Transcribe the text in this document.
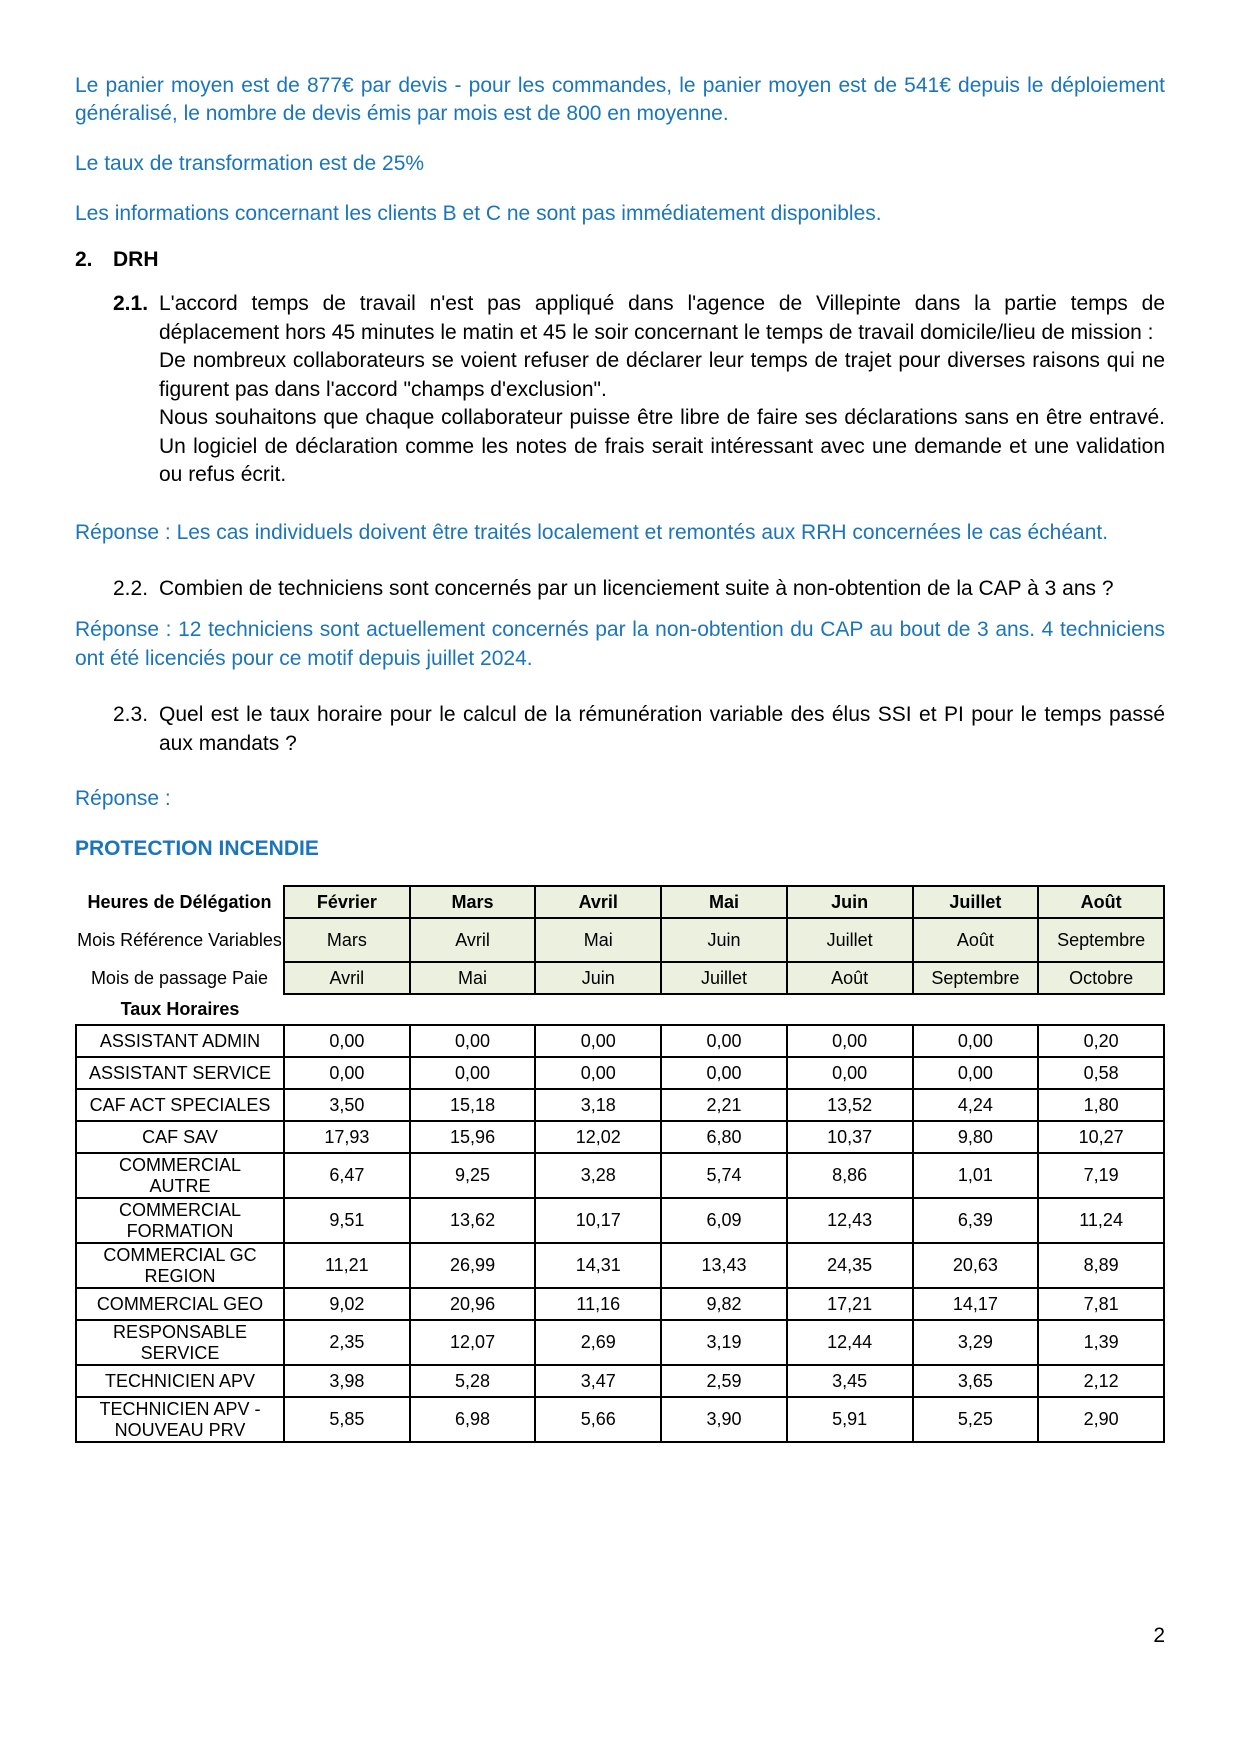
Le panier moyen est de 877€ par devis - pour les commandes, le panier moyen est de 541€ depuis le déploiement généralisé, le nombre de devis émis par mois est de 800 en moyenne.

Le taux de transformation est de 25%

Les informations concernant les clients B et C ne sont pas immédiatement disponibles.

2. DRH
2.1. L'accord temps de travail n'est pas appliqué dans l'agence de Villepinte dans la partie temps de déplacement hors 45 minutes le matin et 45 le soir concernant le temps de travail domicile/lieu de mission :
De nombreux collaborateurs se voient refuser de déclarer leur temps de trajet pour diverses raisons qui ne figurent pas dans l'accord "champs d'exclusion".
Nous souhaitons que chaque collaborateur puisse être libre de faire ses déclarations sans en être entravé. Un logiciel de déclaration comme les notes de frais serait intéressant avec une demande et une validation ou refus écrit.

Réponse : Les cas individuels doivent être traités localement et remontés aux RRH concernées le cas échéant.

2.2. Combien de techniciens sont concernés par un licenciement suite à non-obtention de la CAP à 3 ans ?

Réponse : 12 techniciens sont actuellement concernés par la non-obtention du CAP au bout de 3 ans. 4 techniciens ont été licenciés pour ce motif depuis juillet 2024.

2.3. Quel est le taux horaire pour le calcul de la rémunération variable des élus SSI et PI pour le temps passé aux mandats ?

Réponse :

PROTECTION INCENDIE
Heures de Délégation	Février	Mars	Avril	Mai	Juin	Juillet	Août
Mois Référence Variables	Mars	Avril	Mai	Juin	Juillet	Août	Septembre
Mois de passage Paie	Avril	Mai	Juin	Juillet	Août	Septembre	Octobre
Taux Horaires							
ASSISTANT ADMIN	0,00	0,00	0,00	0,00	0,00	0,00	0,20
ASSISTANT SERVICE	0,00	0,00	0,00	0,00	0,00	0,00	0,58
CAF ACT SPECIALES	3,50	15,18	3,18	2,21	13,52	4,24	1,80
CAF SAV	17,93	15,96	12,02	6,80	10,37	9,80	10,27
COMMERCIAL AUTRE	6,47	9,25	3,28	5,74	8,86	1,01	7,19
COMMERCIAL FORMATION	9,51	13,62	10,17	6,09	12,43	6,39	11,24
COMMERCIAL GC REGION	11,21	26,99	14,31	13,43	24,35	20,63	8,89
COMMERCIAL GEO	9,02	20,96	11,16	9,82	17,21	14,17	7,81
RESPONSABLE SERVICE	2,35	12,07	2,69	3,19	12,44	3,29	1,39
TECHNICIEN APV	3,98	5,28	3,47	2,59	3,45	3,65	2,12
TECHNICIEN APV - NOUVEAU PRV	5,85	6,98	5,66	3,90	5,91	5,25	2,90
2
